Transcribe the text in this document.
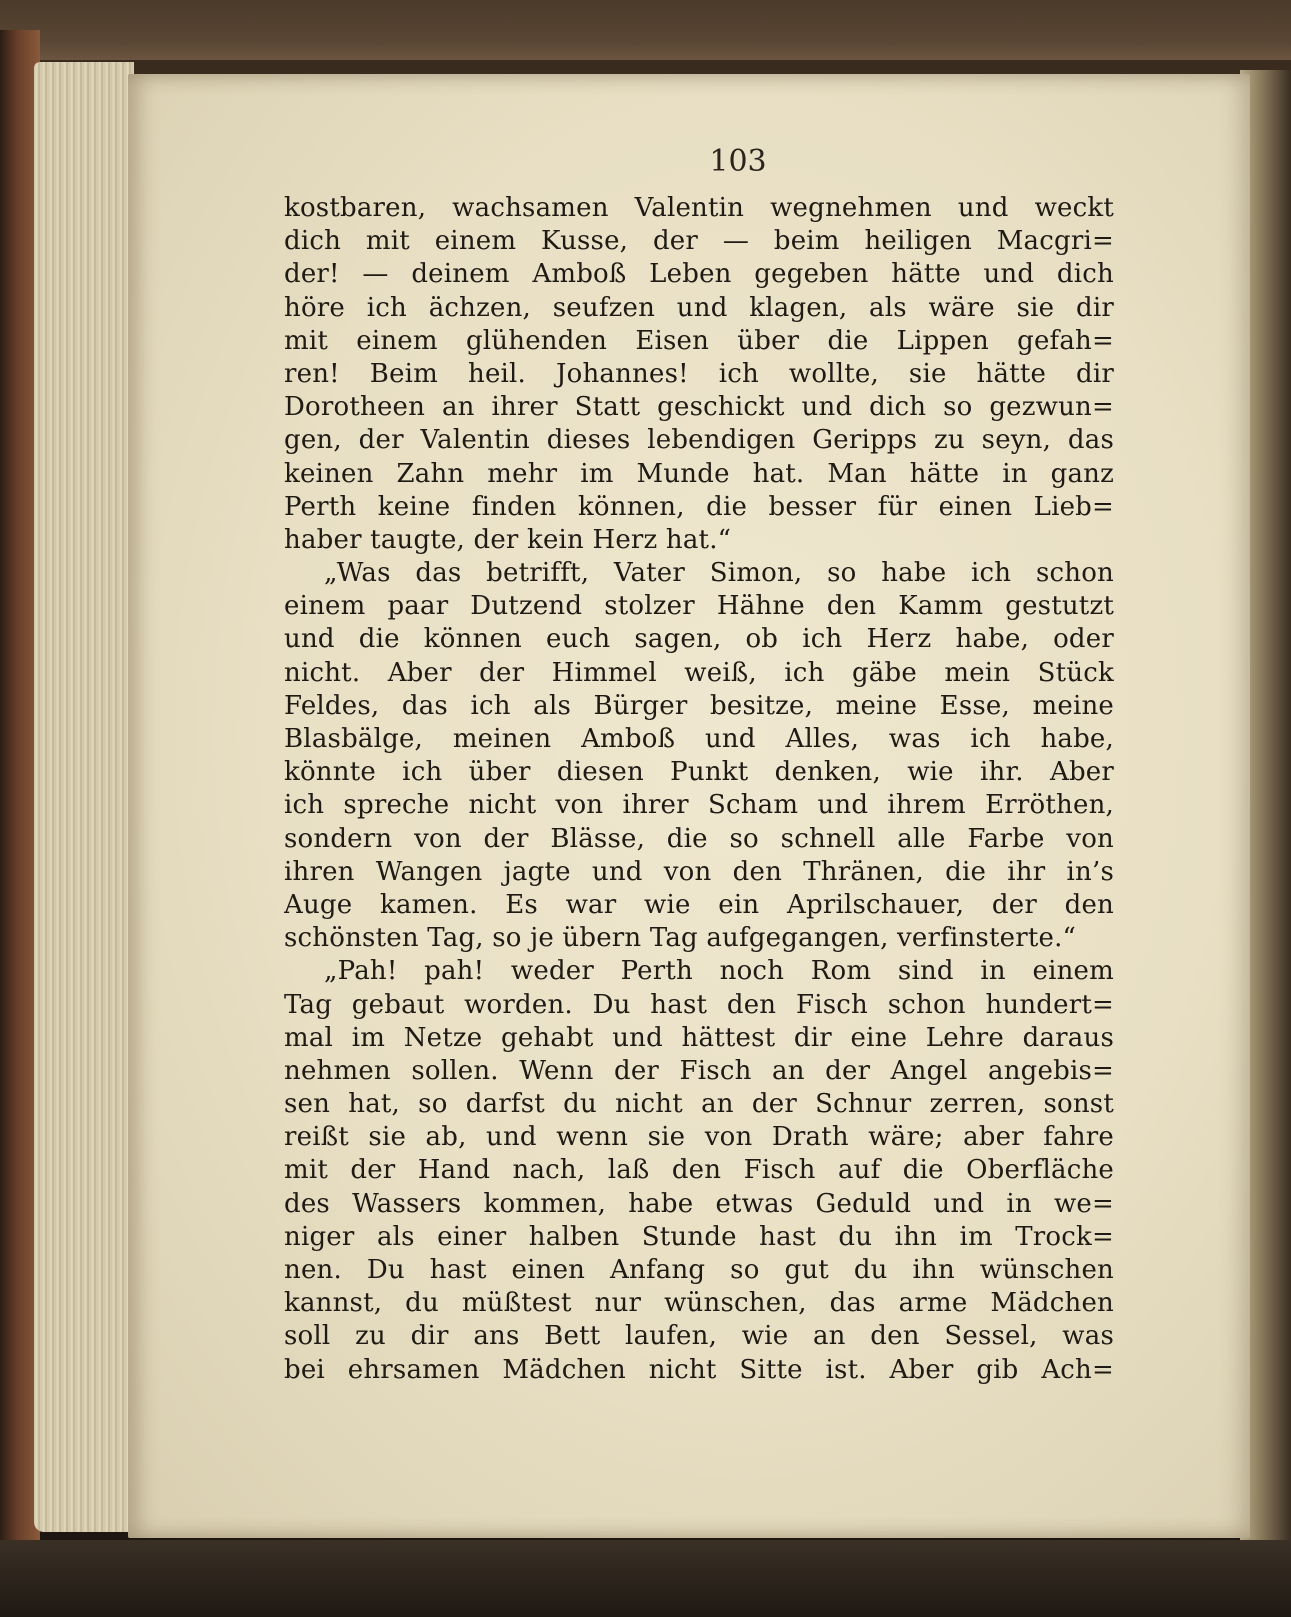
103
kostbaren, wachsamen Valentin wegnehmen und weckt
dich mit einem Kusse, der — beim heiligen Macgri=
der! — deinem Amboß Leben gegeben hätte und dich
höre ich ächzen, seufzen und klagen, als wäre sie dir
mit einem glühenden Eisen über die Lippen gefah=
ren! Beim heil. Johannes! ich wollte, sie hätte dir
Dorotheen an ihrer Statt geschickt und dich so gezwun=
gen, der Valentin dieses lebendigen Geripps zu seyn, das
keinen Zahn mehr im Munde hat. Man hätte in ganz
Perth keine finden können, die besser für einen Lieb=
haber taugte, der kein Herz hat.“
„Was das betrifft, Vater Simon, so habe ich schon
einem paar Dutzend stolzer Hähne den Kamm gestutzt
und die können euch sagen, ob ich Herz habe, oder
nicht. Aber der Himmel weiß, ich gäbe mein Stück
Feldes, das ich als Bürger besitze, meine Esse, meine
Blasbälge, meinen Amboß und Alles, was ich habe,
könnte ich über diesen Punkt denken, wie ihr. Aber
ich spreche nicht von ihrer Scham und ihrem Erröthen,
sondern von der Blässe, die so schnell alle Farbe von
ihren Wangen jagte und von den Thränen, die ihr in’s
Auge kamen. Es war wie ein Aprilschauer, der den
schönsten Tag, so je übern Tag aufgegangen, verfinsterte.“
„Pah! pah! weder Perth noch Rom sind in einem
Tag gebaut worden. Du hast den Fisch schon hundert=
mal im Netze gehabt und hättest dir eine Lehre daraus
nehmen sollen. Wenn der Fisch an der Angel angebis=
sen hat, so darfst du nicht an der Schnur zerren, sonst
reißt sie ab, und wenn sie von Drath wäre; aber fahre
mit der Hand nach, laß den Fisch auf die Oberfläche
des Wassers kommen, habe etwas Geduld und in we=
niger als einer halben Stunde hast du ihn im Trock=
nen. Du hast einen Anfang so gut du ihn wünschen
kannst, du müßtest nur wünschen, das arme Mädchen
soll zu dir ans Bett laufen, wie an den Sessel, was
bei ehrsamen Mädchen nicht Sitte ist. Aber gib Ach=
